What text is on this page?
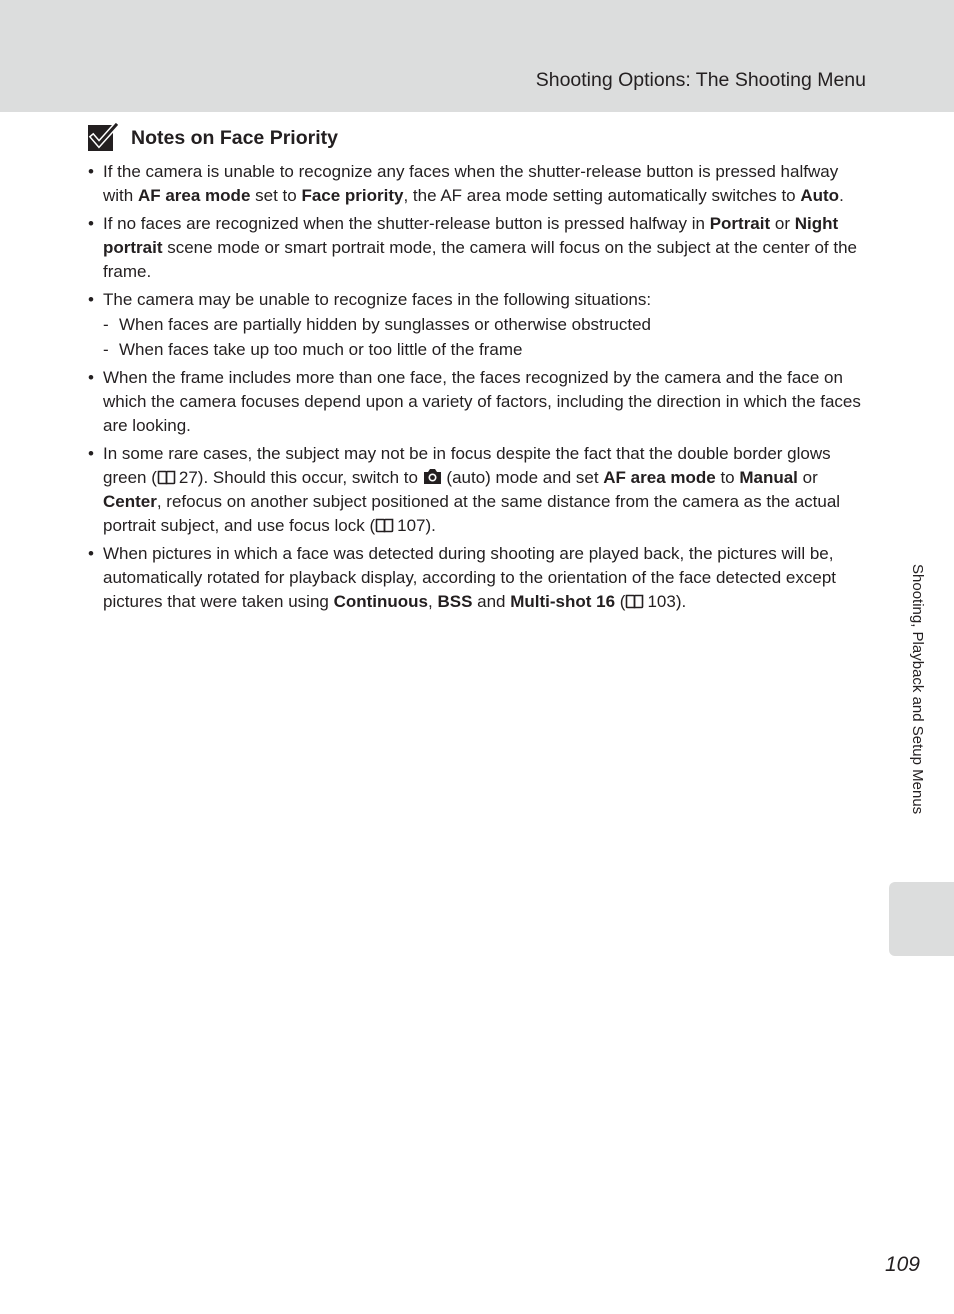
Shooting Options: The Shooting Menu
Notes on Face Priority
• If the camera is unable to recognize any faces when the shutter-release button is pressed halfway with AF area mode set to Face priority, the AF area mode setting automatically switches to Auto.
• If no faces are recognized when the shutter-release button is pressed halfway in Portrait or Night portrait scene mode or smart portrait mode, the camera will focus on the subject at the center of the frame.
• The camera may be unable to recognize faces in the following situations:
- When faces are partially hidden by sunglasses or otherwise obstructed
- When faces take up too much or too little of the frame
• When the frame includes more than one face, the faces recognized by the camera and the face on which the camera focuses depend upon a variety of factors, including the direction in which the faces are looking.
• In some rare cases, the subject may not be in focus despite the fact that the double border glows green ( 27). Should this occur, switch to
(auto) mode and set AF area mode to Manual or Center, refocus on another subject positioned at the same distance from the camera as the actual portrait subject, and use focus lock ( 107).
• When pictures in which a face was detected during shooting are played back, the pictures will be, automatically rotated for playback display, according to the orientation of the face detected except pictures that were taken using Continuous, BSS and Multi-shot 16 ( 103).	Shooting, Playback and Setup Menus
109
